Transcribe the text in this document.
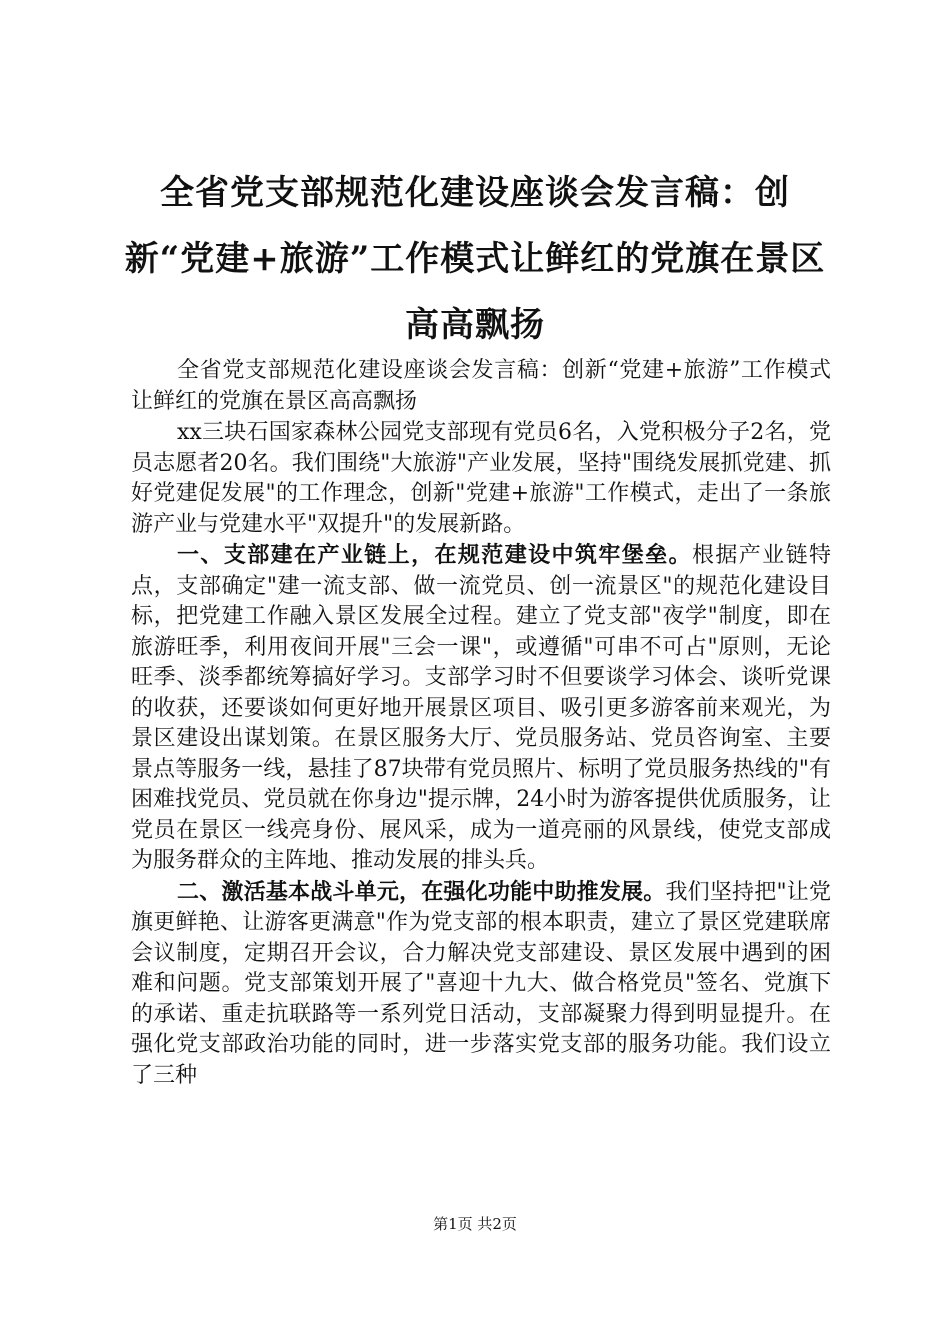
全省党支部规范化建设座谈会发言稿：创新“党建+旅游”工作模式让鲜红的党旗在景区高高飘扬

全省党支部规范化建设座谈会发言稿：创新“党建+旅游”工作模式让鲜红的党旗在景区高高飘扬

xx三块石国家森林公园党支部现有党员6名，入党积极分子2名，党员志愿者20名。我们围绕"大旅游"产业发展，坚持"围绕发展抓党建、抓好党建促发展"的工作理念，创新"党建+旅游"工作模式，走出了一条旅游产业与党建水平"双提升"的发展新路。

一、支部建在产业链上，在规范建设中筑牢堡垒。根据产业链特点，支部确定"建一流支部、做一流党员、创一流景区"的规范化建设目标，把党建工作融入景区发展全过程。建立了党支部"夜学"制度，即在旅游旺季，利用夜间开展"三会一课"，或遵循"可串不可占"原则，无论旺季、淡季都统筹搞好学习。支部学习时不但要谈学习体会、谈听党课的收获，还要谈如何更好地开展景区项目、吸引更多游客前来观光，为景区建设出谋划策。在景区服务大厅、党员服务站、党员咨询室、主要景点等服务一线，悬挂了87块带有党员照片、标明了党员服务热线的"有困难找党员、党员就在你身边"提示牌，24小时为游客提供优质服务，让党员在景区一线亮身份、展风采，成为一道亮丽的风景线，使党支部成为服务群众的主阵地、推动发展的排头兵。

二、激活基本战斗单元，在强化功能中助推发展。我们坚持把"让党旗更鲜艳、让游客更满意"作为党支部的根本职责，建立了景区党建联席会议制度，定期召开会议，合力解决党支部建设、景区发展中遇到的困难和问题。党支部策划开展了"喜迎十九大、做合格党员"签名、党旗下的承诺、重走抗联路等一系列党日活动，支部凝聚力得到明显提升。在强化党支部政治功能的同时，进一步落实党支部的服务功能。我们设立了三种

第1页 共2页
